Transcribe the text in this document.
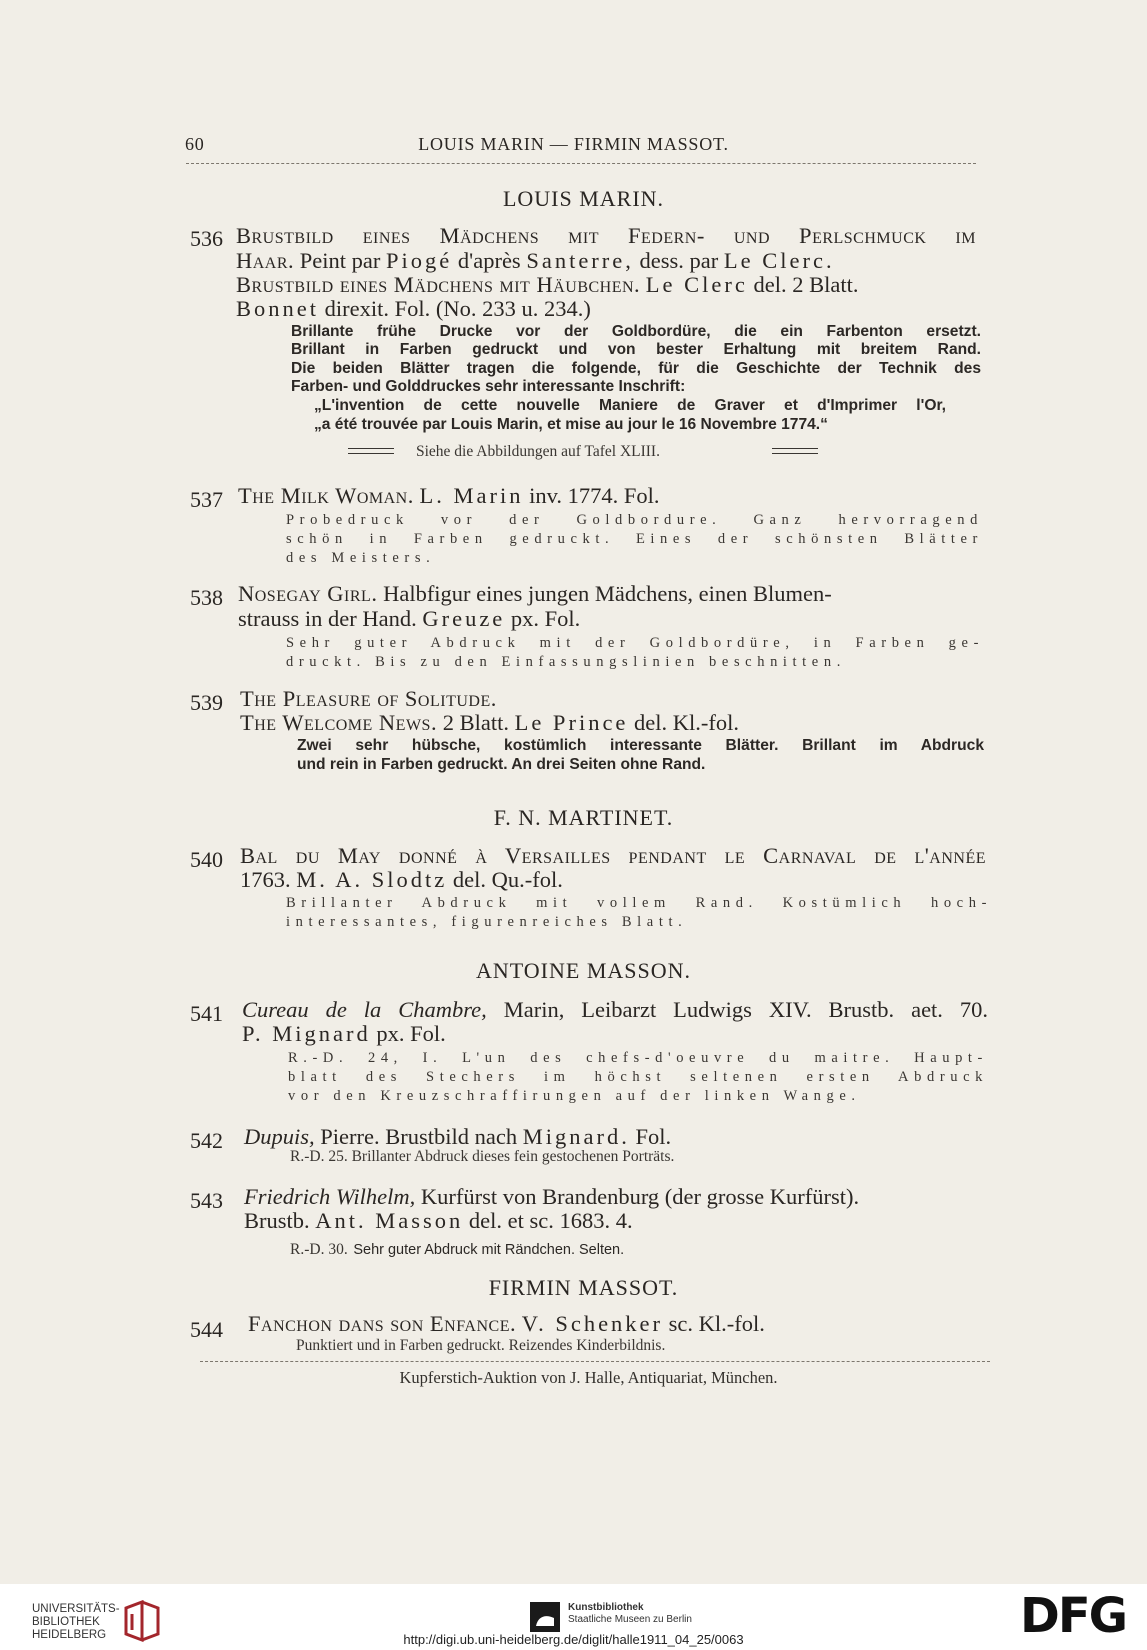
60	LOUIS MARIN — FIRMIN MASSOT.
LOUIS MARIN.
536 Brustbild eines Mädchens mit Federn- und Perlschmuck im
Haar. Peint par Piogé d'après Santerre, dess. par Le Clerc.
Brustbild eines Mädchens mit Häubchen. Le Clerc del. 2 Blatt.
Bonnet direxit. Fol. (No. 233 u. 234.)
Brillante frühe Drucke vor der Goldbordüre, die ein Farbenton ersetzt.
Brillant in Farben gedruckt und von bester Erhaltung mit breitem Rand.
Die beiden Blätter tragen die folgende, für die Geschichte der Technik des
Farben- und Golddruckes sehr interessante Inschrift:
„L'invention de cette nouvelle Maniere de Graver et d'Imprimer l'Or,
„a été trouvée par Louis Marin, et mise au jour le 16 Novembre 1774.“
Siehe die Abbildungen auf Tafel XLIII.
537 The Milk Woman. L. Marin inv. 1774. Fol.
Probedruck vor der Goldbordure. Ganz hervorragend
schön in Farben gedruckt. Eines der schönsten Blätter
des Meisters.
538 Nosegay Girl. Halbfigur eines jungen Mädchens, einen Blumen-
strauss in der Hand. Greuze px. Fol.
Sehr guter Abdruck mit der Goldbordüre, in Farben ge-
druckt. Bis zu den Einfassungslinien beschnitten.
539 The Pleasure of Solitude.
The Welcome News. 2 Blatt. Le Prince del. Kl.-fol.
Zwei sehr hübsche, kostümlich interessante Blätter. Brillant im Abdruck
und rein in Farben gedruckt. An drei Seiten ohne Rand.
F. N. MARTINET.
540 Bal du May donné à Versailles pendant le Carnaval de l'année
1763. M. A. Slodtz del. Qu.-fol.
Brillanter Abdruck mit vollem Rand. Kostümlich hoch-
interessantes, figurenreiches Blatt.
ANTOINE MASSON.
541 Cureau de la Chambre, Marin, Leibarzt Ludwigs XIV. Brustb. aet. 70.
P. Mignard px. Fol.
R.-D. 24, I. L'un des chefs-d'oeuvre du maitre. Haupt-
blatt des Stechers im höchst seltenen ersten Abdruck
vor den Kreuzschraffirungen auf der linken Wange.
542 Dupuis, Pierre. Brustbild nach Mignard. Fol.
R.-D. 25. Brillanter Abdruck dieses fein gestochenen Porträts.
543 Friedrich Wilhelm, Kurfürst von Brandenburg (der grosse Kurfürst).
Brustb. Ant. Masson del. et sc. 1683. 4.
R.-D. 30. Sehr guter Abdruck mit Rändchen. Selten.
FIRMIN MASSOT.
544 Fanchon dans son Enfance. V. Schenker sc. Kl.-fol.
Punktiert und in Farben gedruckt. Reizendes Kinderbildnis.
Kupferstich-Auktion von J. Halle, Antiquariat, München.
UNIVERSITÄTS-
BIBLIOTHEK
HEIDELBERG
Kunstbibliothek
Staatliche Museen zu Berlin	DFG
http://digi.ub.uni-heidelberg.de/diglit/halle1911_04_25/0063
